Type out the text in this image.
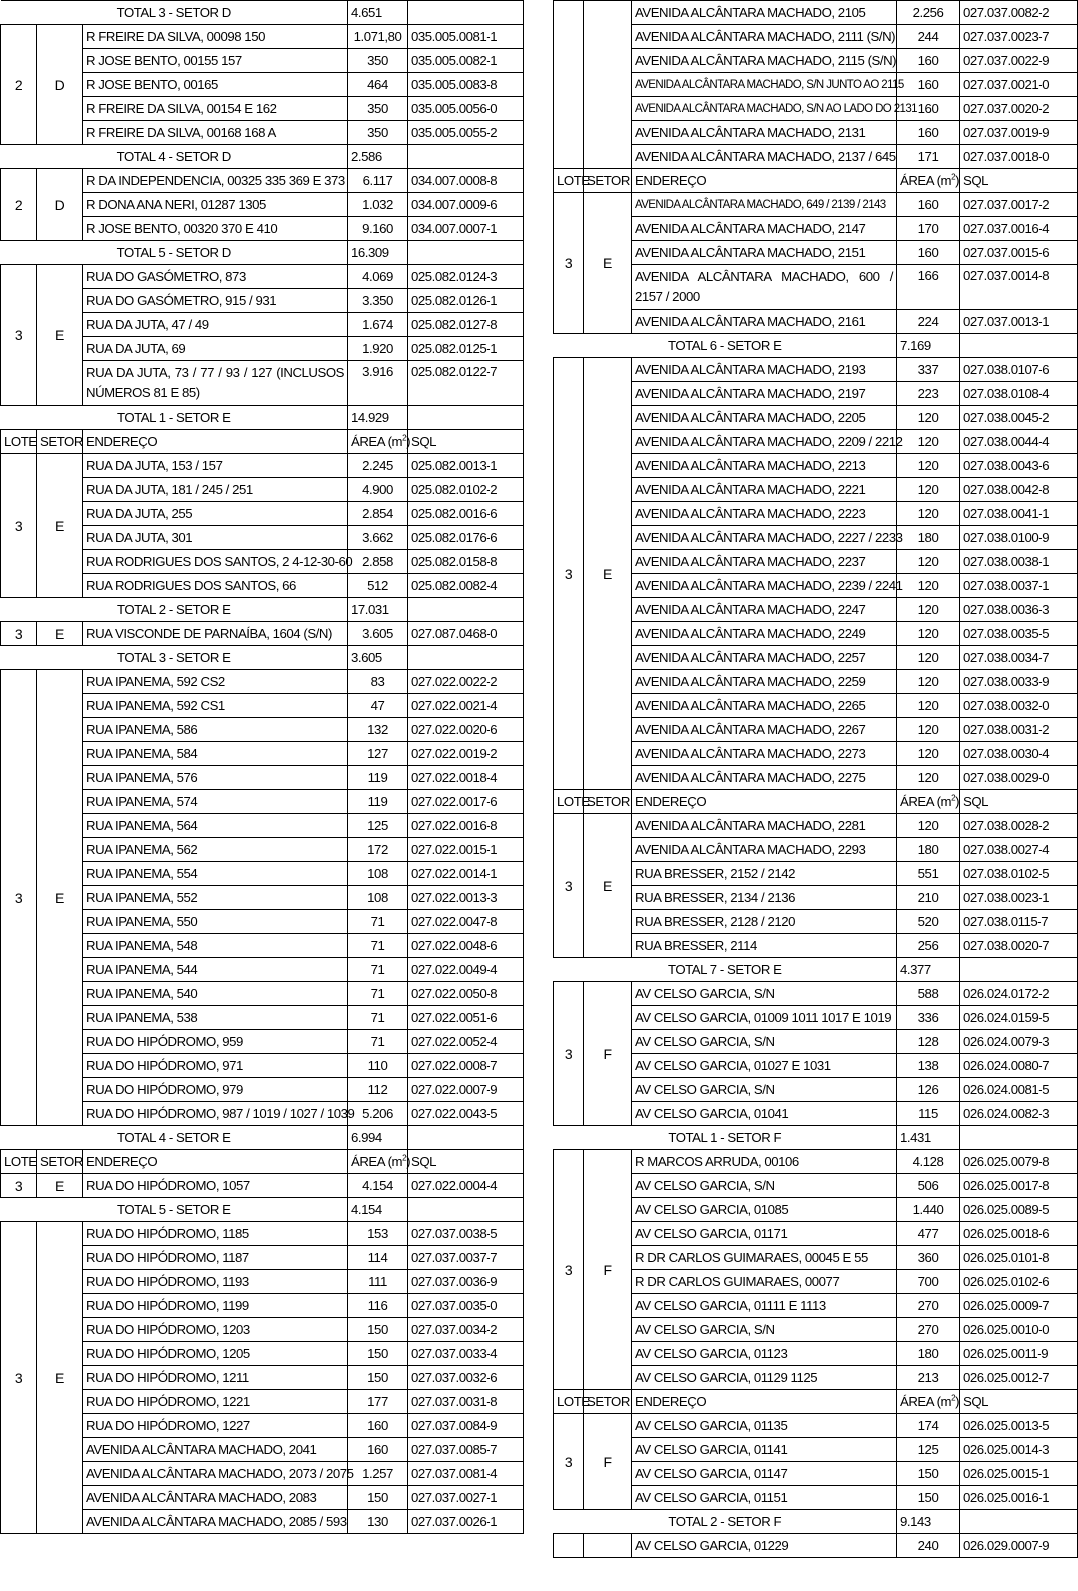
TOTAL 3 - SETOR D			4.651	
2	D	R FREIRE DA SILVA, 00098 150	1.071,80	035.005.0081-1
		R JOSE BENTO, 00155 157	350	035.005.0082-1
		R JOSE BENTO, 00165	464	035.005.0083-8
		R FREIRE DA SILVA, 00154 E 162	350	035.005.0056-0
		R FREIRE DA SILVA, 00168 168 A	350	035.005.0055-2
TOTAL 4 - SETOR D			2.586	
2	D	R DA INDEPENDENCIA, 00325 335 369 E 373	6.117	034.007.0008-8
		R DONA ANA NERI, 01287 1305	1.032	034.007.0009-6
		R JOSE BENTO, 00320 370 E 410	9.160	034.007.0007-1
TOTAL 5 - SETOR D			16.309	
3	E	RUA DO GASÓMETRO, 873	4.069	025.082.0124-3
		RUA DO GASÓMETRO, 915 / 931	3.350	025.082.0126-1
		RUA DA JUTA, 47 / 49	1.674	025.082.0127-8
		RUA DA JUTA, 69	1.920	025.082.0125-1
		RUA DA JUTA, 73 / 77 / 93 / 127 (INCLUSOS NÚMEROS 81 E 85)	3.916	025.082.0122-7
TOTAL 1 - SETOR E			14.929	
LOTE	SETOR	ENDEREÇO	ÁREA $(m^2)$	SQL
3	E	RUA DA JUTA, 153 / 157	2.245	025.082.0013-1
		RUA DA JUTA, 181 / 245 / 251	4.900	025.082.0102-2
		RUA DA JUTA, 255	2.854	025.082.0016-6
		RUA DA JUTA, 301	3.662	025.082.0176-6
		RUA RODRIGUES DOS SANTOS, 2 4-12-30-60	2.858	025.082.0158-8
		RUA RODRIGUES DOS SANTOS, 66	512	025.082.0082-4
TOTAL 2 - SETOR E			17.031	
3	E	RUA VISCONDE DE PARNAÍBA, 1604 (S/N)	3.605	027.087.0468-0
TOTAL 3 - SETOR E			3.605	
3	E	RUA IPANEMA, 592 CS2	83	027.022.0022-2
		RUA IPANEMA, 592 CS1	47	027.022.0021-4
		RUA IPANEMA, 586	132	027.022.0020-6
		RUA IPANEMA, 584	127	027.022.0019-2
		RUA IPANEMA, 576	119	027.022.0018-4
		RUA IPANEMA, 574	119	027.022.0017-6
		RUA IPANEMA, 564	125	027.022.0016-8
		RUA IPANEMA, 562	172	027.022.0015-1
		RUA IPANEMA, 554	108	027.022.0014-1
		RUA IPANEMA, 552	108	027.022.0013-3
		RUA IPANEMA, 550	71	027.022.0047-8
		RUA IPANEMA, 548	71	027.022.0048-6
		RUA IPANEMA, 544	71	027.022.0049-4
		RUA IPANEMA, 540	71	027.022.0050-8
		RUA IPANEMA, 538	71	027.022.0051-6
		RUA DO HIPÓDROMO, 959	71	027.022.0052-4
		RUA DO HIPÓDROMO, 971	110	027.022.0008-7
		RUA DO HIPÓDROMO, 979	112	027.022.0007-9
		RUA DO HIPÓDROMO, 987 / 1019 / 1027 / 1039	5.206	027.022.0043-5
TOTAL 4 - SETOR E			6.994	
LOTE	SETOR	ENDEREÇO	ÁREA $(m^2)$	SQL
3	E	RUA DO HIPÓDROMO, 1057	4.154	027.022.0004-4
TOTAL 5 - SETOR E			4.154	
3	E	RUA DO HIPÓDROMO, 1185	153	027.037.0038-5
		RUA DO HIPÓDROMO, 1187	114	027.037.0037-7
		RUA DO HIPÓDROMO, 1193	111	027.037.0036-9
		RUA DO HIPÓDROMO, 1199	116	027.037.0035-0
		RUA DO HIPÓDROMO, 1203	150	027.037.0034-2
		RUA DO HIPÓDROMO, 1205	150	027.037.0033-4
		RUA DO HIPÓDROMO, 1211	150	027.037.0032-6
		RUA DO HIPÓDROMO, 1221	177	027.037.0031-8
		RUA DO HIPÓDROMO, 1227	160	027.037.0084-9
		AVENIDA ALCÂNTARA MACHADO, 2041	160	027.037.0085-7
		AVENIDA ALCÂNTARA MACHADO, 2073 / 2075	1.257	027.037.0081-4
		AVENIDA ALCÂNTARA MACHADO, 2083	150	027.037.0027-1
		AVENIDA ALCÂNTARA MACHADO, 2085 / 593	130	027.037.0026-1
		AVENIDA ALCÂNTARA MACHADO, 2105	2.256	027.037.0082-2
		AVENIDA ALCÂNTARA MACHADO, 2111 (S/N)	244	027.037.0023-7
		AVENIDA ALCÂNTARA MACHADO, 2115 (S/N)	160	027.037.0022-9
		AVENIDA ALCÂNTARA MACHADO, S/N JUNTO AO 2115	160	027.037.0021-0
		AVENIDA ALCÂNTARA MACHADO, S/N AO LADO DO 2131	160	027.037.0020-2
		AVENIDA ALCÂNTARA MACHADO, 2131	160	027.037.0019-9
		AVENIDA ALCÂNTARA MACHADO, 2137 / 645	171	027.037.0018-0
LOTE	SETOR	ENDEREÇO	ÁREA $(m^2)$	SQL
3	E	AVENIDA ALCÂNTARA MACHADO, 649 / 2139 / 2143	160	027.037.0017-2
		AVENIDA ALCÂNTARA MACHADO, 2147	170	027.037.0016-4
		AVENIDA ALCÂNTARA MACHADO, 2151	160	027.037.0015-6
		AVENIDA ALCÂNTARA MACHADO, 600 / 2157 / 2000	166	027.037.0014-8
		AVENIDA ALCÂNTARA MACHADO, 2161	224	027.037.0013-1
TOTAL 6 - SETOR E			7.169	
3	E	AVENIDA ALCÂNTARA MACHADO, 2193	337	027.038.0107-6
		AVENIDA ALCÂNTARA MACHADO, 2197	223	027.038.0108-4
		AVENIDA ALCÂNTARA MACHADO, 2205	120	027.038.0045-2
		AVENIDA ALCÂNTARA MACHADO, 2209 / 2212	120	027.038.0044-4
		AVENIDA ALCÂNTARA MACHADO, 2213	120	027.038.0043-6
		AVENIDA ALCÂNTARA MACHADO, 2221	120	027.038.0042-8
		AVENIDA ALCÂNTARA MACHADO, 2223	120	027.038.0041-1
		AVENIDA ALCÂNTARA MACHADO, 2227 / 2233	180	027.038.0100-9
		AVENIDA ALCÂNTARA MACHADO, 2237	120	027.038.0038-1
		AVENIDA ALCÂNTARA MACHADO, 2239 / 2241	120	027.038.0037-1
		AVENIDA ALCÂNTARA MACHADO, 2247	120	027.038.0036-3
		AVENIDA ALCÂNTARA MACHADO, 2249	120	027.038.0035-5
		AVENIDA ALCÂNTARA MACHADO, 2257	120	027.038.0034-7
		AVENIDA ALCÂNTARA MACHADO, 2259	120	027.038.0033-9
		AVENIDA ALCÂNTARA MACHADO, 2265	120	027.038.0032-0
		AVENIDA ALCÂNTARA MACHADO, 2267	120	027.038.0031-2
		AVENIDA ALCÂNTARA MACHADO, 2273	120	027.038.0030-4
		AVENIDA ALCÂNTARA MACHADO, 2275	120	027.038.0029-0
LOTE	SETOR	ENDEREÇO	ÁREA $(m^2)$	SQL
3	E	AVENIDA ALCÂNTARA MACHADO, 2281	120	027.038.0028-2
		AVENIDA ALCÂNTARA MACHADO, 2293	180	027.038.0027-4
		RUA BRESSER, 2152 / 2142	551	027.038.0102-5
		RUA BRESSER, 2134 / 2136	210	027.038.0023-1
		RUA BRESSER, 2128 / 2120	520	027.038.0115-7
		RUA BRESSER, 2114	256	027.038.0020-7
TOTAL 7 - SETOR E			4.377	
3	F	AV CELSO GARCIA, S/N	588	026.024.0172-2
		AV CELSO GARCIA, 01009 1011 1017 E 1019	336	026.024.0159-5
		AV CELSO GARCIA, S/N	128	026.024.0079-3
		AV CELSO GARCIA, 01027 E 1031	138	026.024.0080-7
		AV CELSO GARCIA, S/N	126	026.024.0081-5
		AV CELSO GARCIA, 01041	115	026.024.0082-3
TOTAL 1 - SETOR F			1.431	
3	F	R MARCOS ARRUDA, 00106	4.128	026.025.0079-8
		AV CELSO GARCIA, S/N	506	026.025.0017-8
		AV CELSO GARCIA, 01085	1.440	026.025.0089-5
		AV CELSO GARCIA, 01171	477	026.025.0018-6
		R DR CARLOS GUIMARAES, 00045 E 55	360	026.025.0101-8
		R DR CARLOS GUIMARAES, 00077	700	026.025.0102-6
		AV CELSO GARCIA, 01111 E 1113	270	026.025.0009-7
		AV CELSO GARCIA, S/N	270	026.025.0010-0
		AV CELSO GARCIA, 01123	180	026.025.0011-9
		AV CELSO GARCIA, 01129 1125	213	026.025.0012-7
LOTE	SETOR	ENDEREÇO	ÁREA $(m^2)$	SQL
3	F	AV CELSO GARCIA, 01135	174	026.025.0013-5
		AV CELSO GARCIA, 01141	125	026.025.0014-3
		AV CELSO GARCIA, 01147	150	026.025.0015-1
		AV CELSO GARCIA, 01151	150	026.025.0016-1
TOTAL 2 - SETOR F			9.143	
		AV CELSO GARCIA, 01229	240	026.029.0007-9
